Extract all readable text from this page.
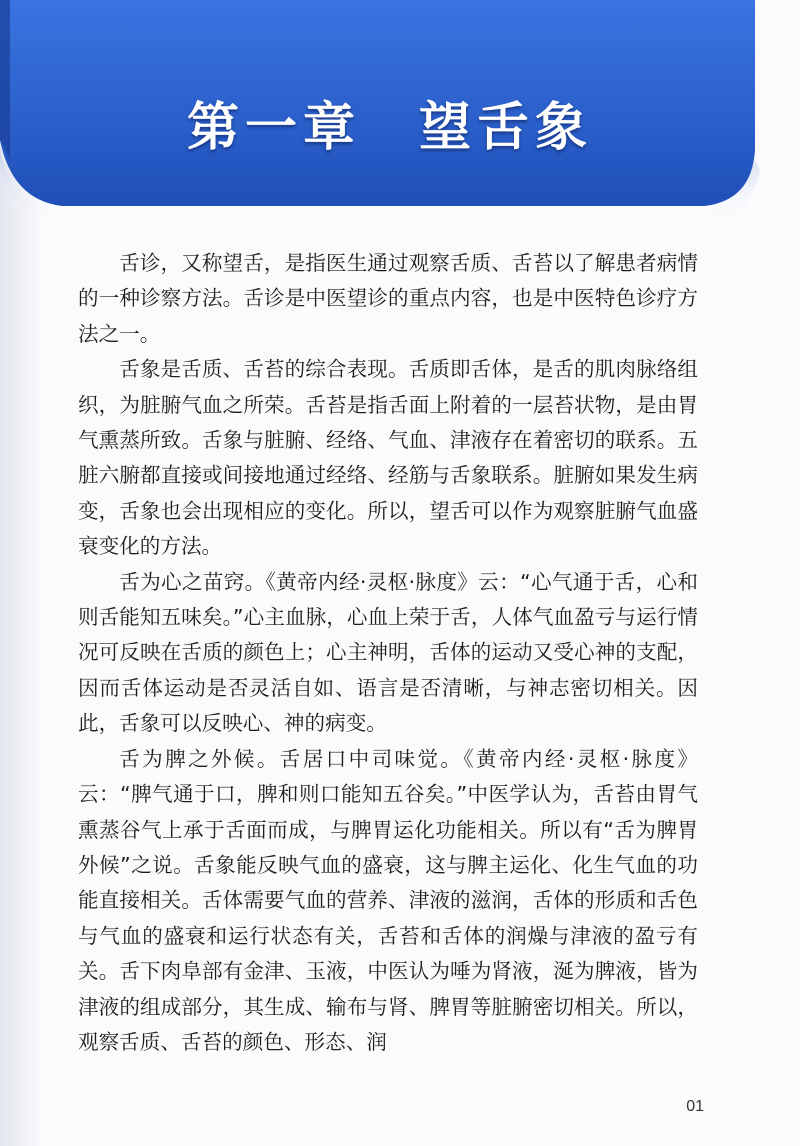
第一章　望舌象

舌诊，又称望舌，是指医生通过观察舌质、舌苔以了解患者病情的一种诊察方法。舌诊是中医望诊的重点内容，也是中医特色诊疗方法之一。

舌象是舌质、舌苔的综合表现。舌质即舌体，是舌的肌肉脉络组织，为脏腑气血之所荣。舌苔是指舌面上附着的一层苔状物，是由胃气熏蒸所致。舌象与脏腑、经络、气血、津液存在着密切的联系。五脏六腑都直接或间接地通过经络、经筋与舌象联系。脏腑如果发生病变，舌象也会出现相应的变化。所以，望舌可以作为观察脏腑气血盛衰变化的方法。

舌为心之苗窍。《黄帝内经·灵枢·脉度》云：“心气通于舌，心和则舌能知五味矣。”心主血脉，心血上荣于舌，人体气血盈亏与运行情况可反映在舌质的颜色上；心主神明，舌体的运动又受心神的支配，因而舌体运动是否灵活自如、语言是否清晰，与神志密切相关。因此，舌象可以反映心、神的病变。

舌为脾之外候。舌居口中司味觉。《黄帝内经·灵枢·脉度》云：“脾气通于口，脾和则口能知五谷矣。”中医学认为，舌苔由胃气熏蒸谷气上承于舌面而成，与脾胃运化功能相关。所以有“舌为脾胃外候”之说。舌象能反映气血的盛衰，这与脾主运化、化生气血的功能直接相关。舌体需要气血的营养、津液的滋润，舌体的形质和舌色与气血的盛衰和运行状态有关，舌苔和舌体的润燥与津液的盈亏有关。舌下肉阜部有金津、玉液，中医认为唾为肾液，涎为脾液，皆为津液的组成部分，其生成、输布与肾、脾胃等脏腑密切相关。所以，观察舌质、舌苔的颜色、形态、润

01
